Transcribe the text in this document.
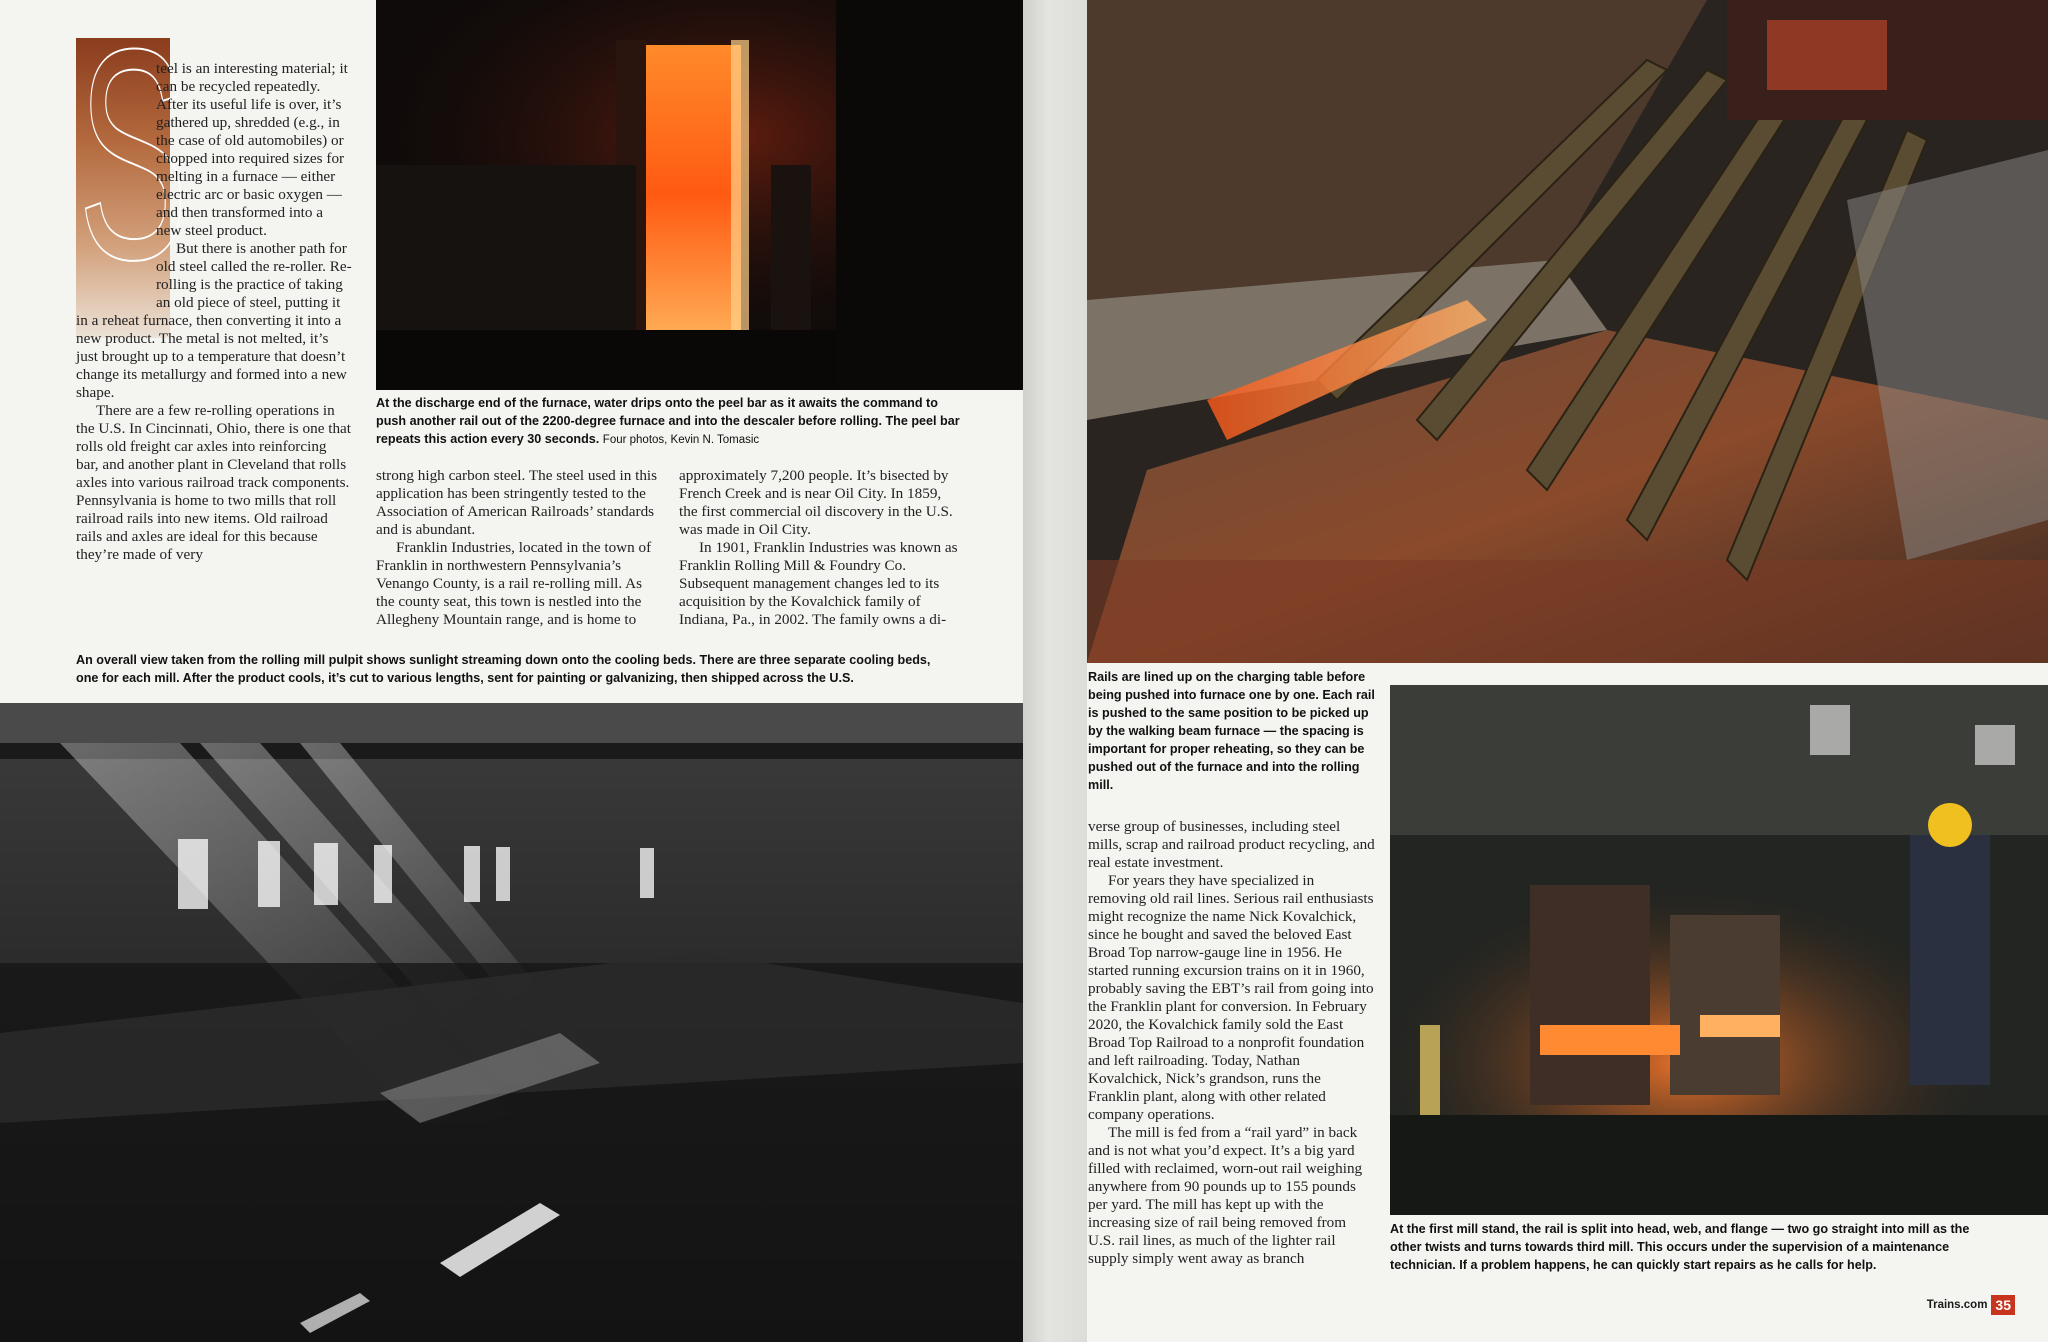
S

teel is an interesting material; it can be recycled repeatedly. After its useful life is over, it’s gathered up, shredded (e.g., in the case of old automobiles) or chopped into required sizes for melting in a furnace — either electric arc or basic oxygen — and then transformed into a new steel product.

But there is another path for old steel called the re-roller. Re-rolling is the practice of taking an old piece of steel, putting it in a reheat furnace, then converting it into a new product. The metal is not melted, it’s just brought up to a temperature that doesn’t change its metallurgy and formed into a new shape.

There are a few re-rolling operations in the U.S. In Cincinnati, Ohio, there is one that rolls old freight car axles into reinforcing bar, and another plant in Cleveland that rolls axles into various railroad track components. Pennsylvania is home to two mills that roll railroad rails into new items. Old railroad rails and axles are ideal for this because they’re made of very

At the discharge end of the furnace, water drips onto the peel bar as it awaits the command to push another rail out of the 2200-degree furnace and into the descaler before rolling. The peel bar repeats this action every 30 seconds. Four photos, Kevin N. Tomasic

strong high carbon steel. The steel used in this application has been stringently tested to the Association of American Railroads’ standards and is abundant.

Franklin Industries, located in the town of Franklin in northwestern Pennsylvania’s Venango County, is a rail re-rolling mill. As the county seat, this town is nestled into the Allegheny Mountain range, and is home to

approximately 7,200 people. It’s bisected by French Creek and is near Oil City. In 1859, the first commercial oil discovery in the U.S. was made in Oil City.

In 1901, Franklin Industries was known as Franklin Rolling Mill & Foundry Co. Subsequent management changes led to its acquisition by the Kovalchick family of Indiana, Pa., in 2002. The family owns a di-

An overall view taken from the rolling mill pulpit shows sunlight streaming down onto the cooling beds. There are three separate cooling beds, one for each mill. After the product cools, it’s cut to various lengths, sent for painting or galvanizing, then shipped across the U.S.	Rails are lined up on the charging table before being pushed into furnace one by one. Each rail is pushed to the same position to be picked up by the walking beam furnace — the spacing is important for proper reheating, so they can be pushed out of the furnace and into the rolling mill.

verse group of businesses, including steel mills, scrap and railroad product recycling, and real estate investment.

For years they have specialized in removing old rail lines. Serious rail enthusiasts might recognize the name Nick Kovalchick, since he bought and saved the beloved East Broad Top narrow-gauge line in 1956. He started running excursion trains on it in 1960, probably saving the EBT’s rail from going into the Franklin plant for conversion. In February 2020, the Kovalchick family sold the East Broad Top Railroad to a nonprofit foundation and left railroading. Today, Nathan Kovalchick, Nick’s grandson, runs the Franklin plant, along with other related company operations.

The mill is fed from a “rail yard” in back and is not what you’d expect. It’s a big yard filled with reclaimed, worn-out rail weighing anywhere from 90 pounds up to 155 pounds per yard. The mill has kept up with the increasing size of rail being removed from U.S. rail lines, as much of the lighter rail supply simply went away as branch

At the first mill stand, the rail is split into head, web, and flange — two go straight into mill as the other twists and turns towards third mill. This occurs under the supervision of a maintenance technician. If a problem happens, he can quickly start repairs as he calls for help.
Trains.com 35
